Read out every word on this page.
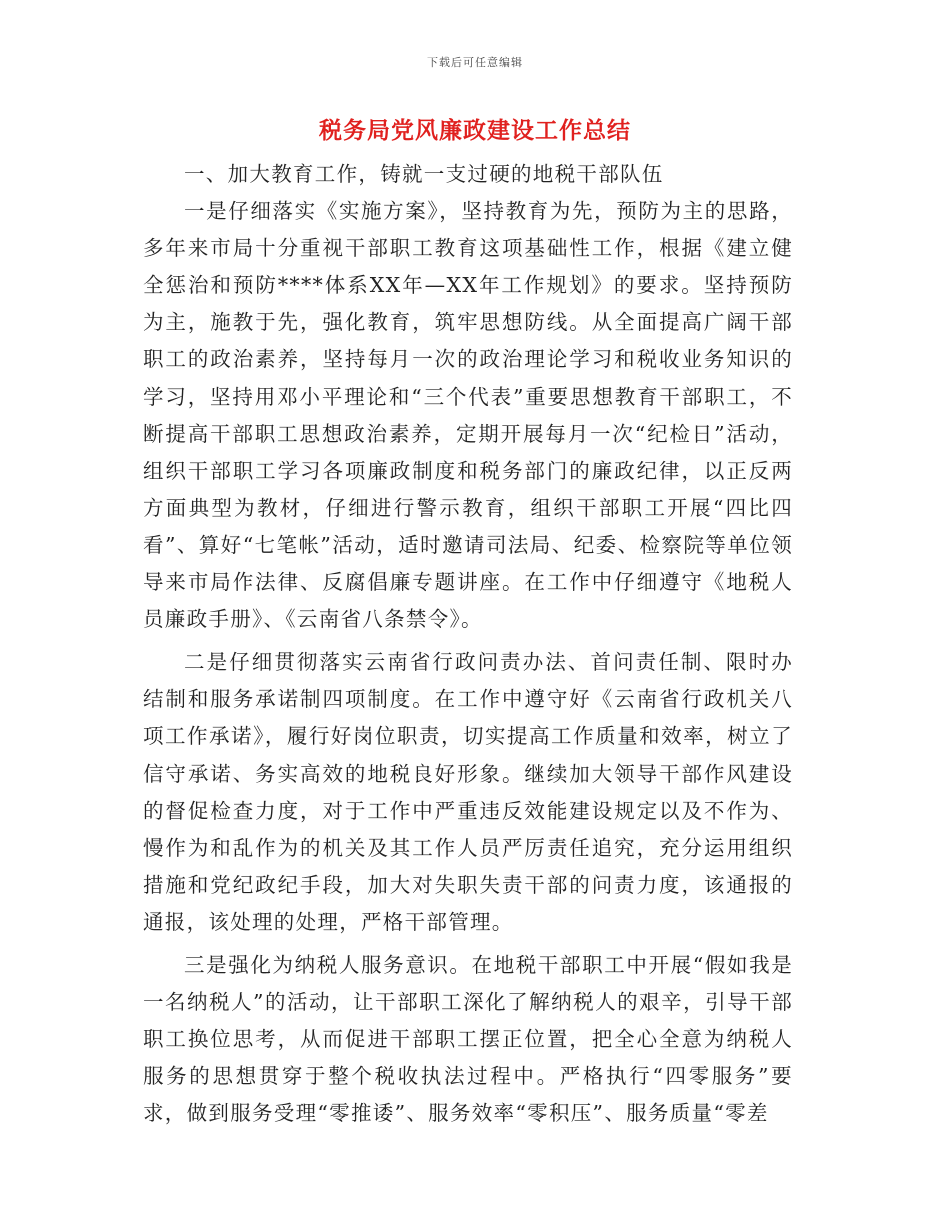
下载后可任意编辑
税务局党风廉政建设工作总结

一、加大教育工作，铸就一支过硬的地税干部队伍

一是仔细落实《实施方案》，坚持教育为先，预防为主的思路，多年来市局十分重视干部职工教育这项基础性工作，根据《建立健全惩治和预防****体系XX年—XX年工作规划》的要求。坚持预防为主，施教于先，强化教育，筑牢思想防线。从全面提高广阔干部职工的政治素养，坚持每月一次的政治理论学习和税收业务知识的学习，坚持用邓小平理论和“三个代表”重要思想教育干部职工，不断提高干部职工思想政治素养，定期开展每月一次“纪检日”活动，组织干部职工学习各项廉政制度和税务部门的廉政纪律，以正反两方面典型为教材，仔细进行警示教育，组织干部职工开展“四比四看”、算好“七笔帐”活动，适时邀请司法局、纪委、检察院等单位领导来市局作法律、反腐倡廉专题讲座。在工作中仔细遵守《地税人员廉政手册》、《云南省八条禁令》。

二是仔细贯彻落实云南省行政问责办法、首问责任制、限时办结制和服务承诺制四项制度。在工作中遵守好《云南省行政机关八项工作承诺》，履行好岗位职责，切实提高工作质量和效率，树立了信守承诺、务实高效的地税良好形象。继续加大领导干部作风建设的督促检查力度，对于工作中严重违反效能建设规定以及不作为、慢作为和乱作为的机关及其工作人员严厉责任追究，充分运用组织措施和党纪政纪手段，加大对失职失责干部的问责力度，该通报的通报，该处理的处理，严格干部管理。

三是强化为纳税人服务意识。在地税干部职工中开展“假如我是一名纳税人”的活动，让干部职工深化了解纳税人的艰辛，引导干部职工换位思考，从而促进干部职工摆正位置，把全心全意为纳税人服务的思想贯穿于整个税收执法过程中。严格执行“四零服务”要求，做到服务受理“零推诿”、服务效率“零积压”、服务质量“零差
